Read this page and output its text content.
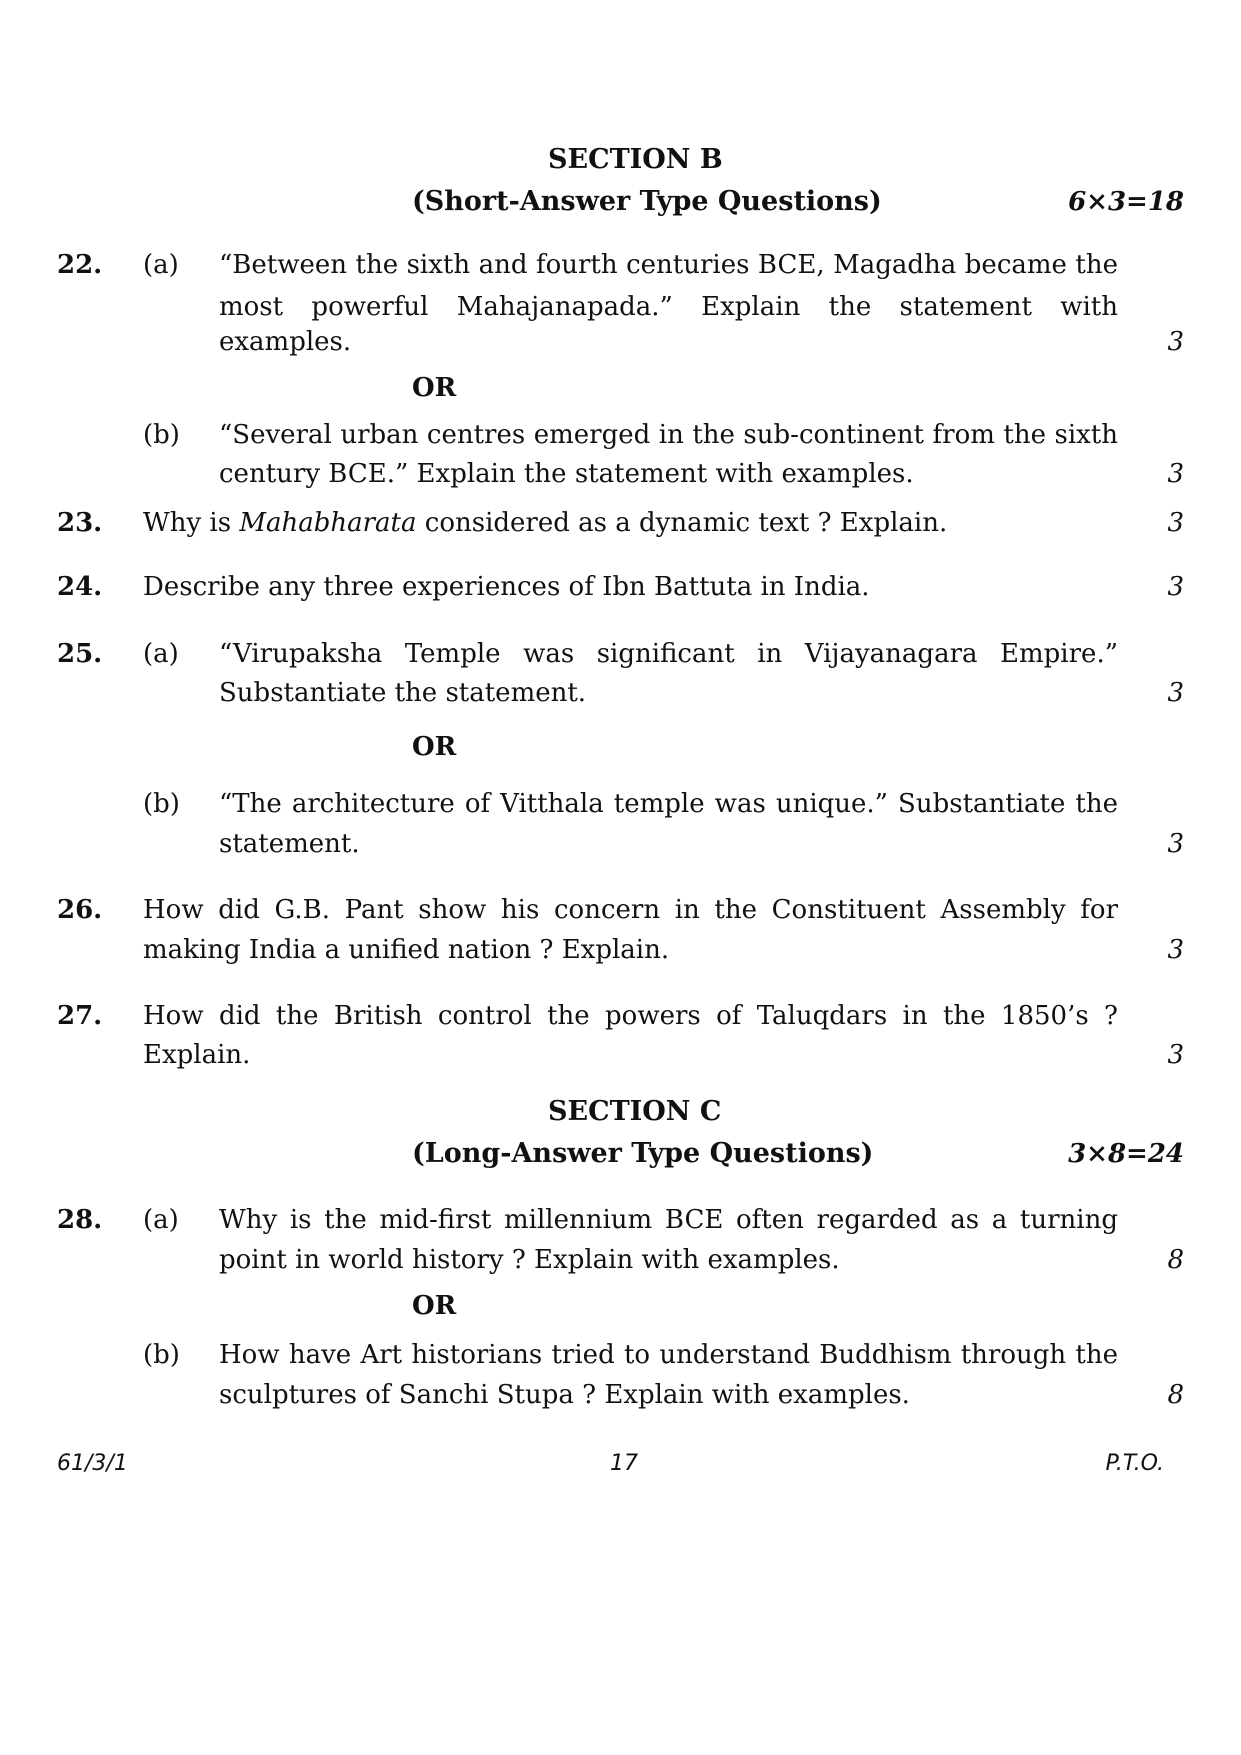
SECTION B
(Short-Answer Type Questions)	6×3=18
22. (a) “Between the sixth and fourth centuries BCE, Magadha became the
most powerful Mahajanapada.” Explain the statement with
examples.	3
OR
(b) “Several urban centres emerged in the sub-continent from the sixth
century BCE.” Explain the statement with examples.	3
23. Why is Mahabharata considered as a dynamic text ? Explain.	3
24. Describe any three experiences of Ibn Battuta in India.	3
25. (a) “Virupaksha Temple was significant in Vijayanagara Empire.”
Substantiate the statement.	3
OR
(b) “The architecture of Vitthala temple was unique.” Substantiate the
statement.	3
26. How did G.B. Pant show his concern in the Constituent Assembly for
making India a unified nation ? Explain.	3
27. How did the British control the powers of Taluqdars in the 1850’s ?
Explain.	3
SECTION C
(Long-Answer Type Questions)	3×8=24
28. (a) Why is the mid-first millennium BCE often regarded as a turning
point in world history ? Explain with examples.	8
OR
(b) How have Art historians tried to understand Buddhism through the
sculptures of Sanchi Stupa ? Explain with examples.	8
61/3/1	17	P.T.O.
